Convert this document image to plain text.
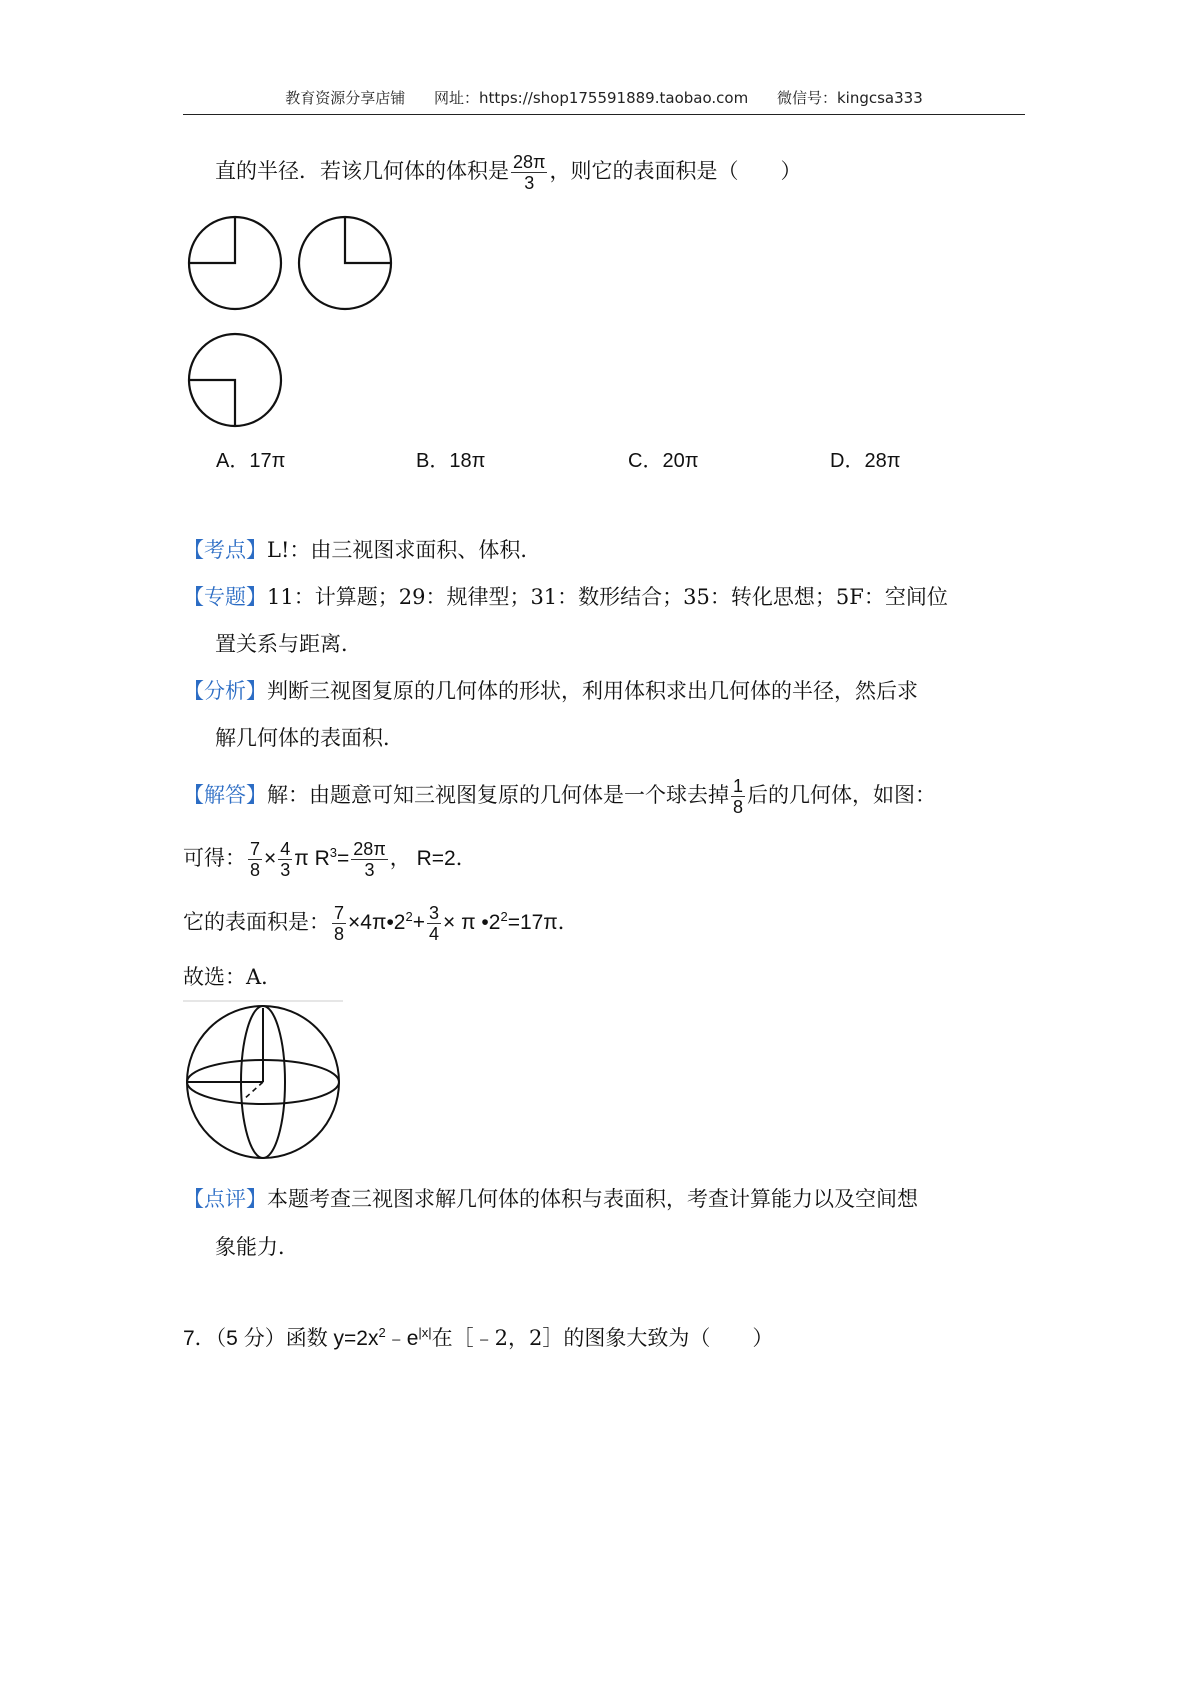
教育资源分享店铺 网址：https://shop175591889.taobao.com 微信号：kingcsa333
直的半径．若该几何体的体积是 $\frac{28\pi}{3}$ ，则它的表面积是（　　）
A．17π	B．18π	C．20π	D．28π
【考点】L!：由三视图求面积、体积．
【专题】11：计算题；29：规律型；31：数形结合；35：转化思想；5F：空间位
置关系与距离．
【分析】判断三视图复原的几何体的形状，利用体积求出几何体的半径，然后求
解几何体的表面积．
【解答】解：由题意可知三视图复原的几何体是一个球去掉 $\frac{1}{8}$ 后的几何体，如图：
可得： $\frac{7}{8} \times \frac{4}{3}$ π $R^3= \frac{28\pi}{3}$ ， R=2．
它的表面积是： $\frac{7}{8}$ $\times 4\pi•2^2+ \frac{3}{4} \times \pi$ $•2^2=17\pi$．
故选：A．
【点评】本题考查三视图求解几何体的体积与表面积，考查计算能力以及空间想
象能力．
7．（5 分）函数 $y=2x^2﹣e^{|x|}$在［﹣2，2］的图象大致为（　　）
